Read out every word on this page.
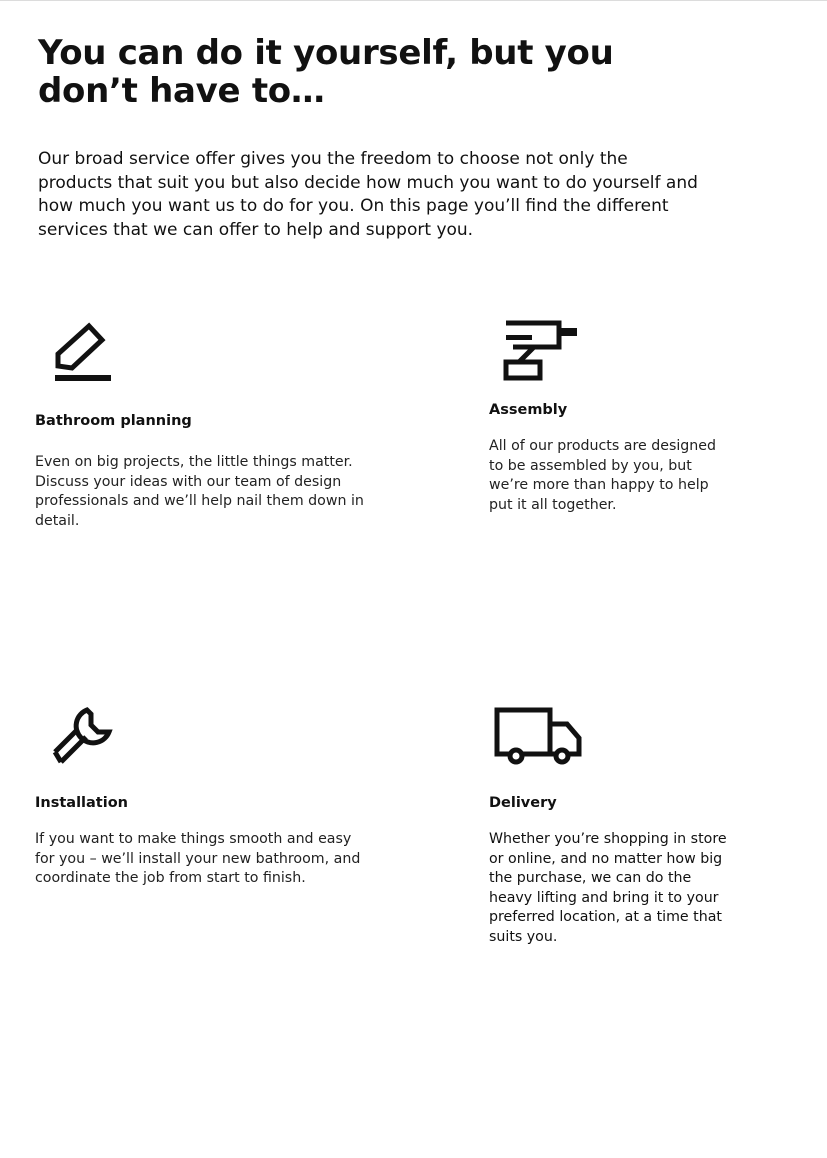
You can do it yourself, but you don’t have to…

Our broad service offer gives you the freedom to choose not only the products that suit you but also decide how much you want to do yourself and how much you want us to do for you. On this page you’ll find the different services that we can offer to help and support you.

Bathroom planning

Even on big projects, the little things matter. Discuss your ideas with our team of design professionals and we’ll help nail them down in detail.

Assembly

All of our products are designed to be assembled by you, but we’re more than happy to help put it all together.

Installation

If you want to make things smooth and easy for you – we’ll install your new bathroom, and coordinate the job from start to finish.

Delivery

Whether you’re shopping in store or online, and no matter how big the purchase, we can do the heavy lifting and bring it to your preferred location, at a time that suits you.
